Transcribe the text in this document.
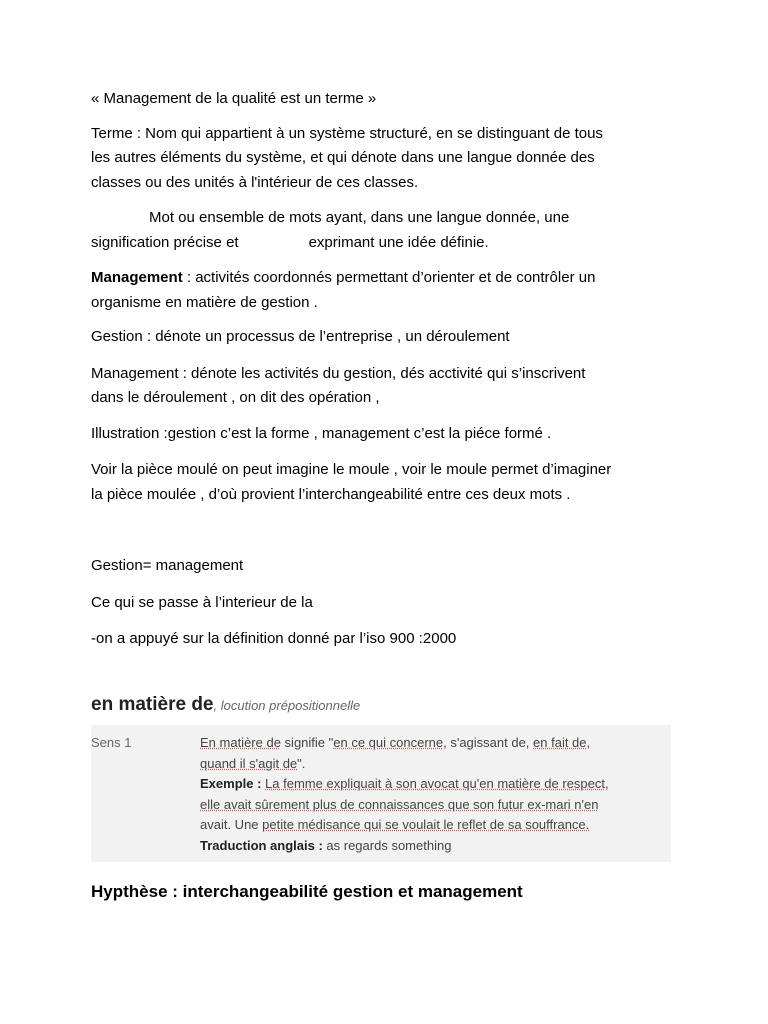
« Management de la qualité est un terme »

Terme : Nom qui appartient à un système structuré, en se distinguant de tous

les autres éléments du système, et qui dénote dans une langue donnée des

classes ou des unités à l'intérieur de ces classes.

Mot ou ensemble de mots ayant, dans une langue donnée, une

signification précise et	exprimant une idée définie.

Management : activités coordonnés permettant d’orienter et de contrôler un

organisme en matière de gestion .

Gestion : dénote un processus de l’entreprise , un déroulement

Management : dénote les activités du gestion, dés acctivité qui s’inscrivent

dans le déroulement , on dit des opération ,

Illustration :gestion c’est la forme , management c’est la piéce formé .

Voir la pièce moulé on peut imagine le moule , voir le moule permet d’imaginer

la pièce moulée , d’où provient l’interchangeabilité entre ces deux mots .

Gestion= management

Ce qui se passe à l’interieur de la

-on a appuyé sur la définition donné par l’iso 900 :2000

en matière de, locution prépositionnelle
Sens 1	En matière de signifie "en ce qui concerne, s'agissant de, en fait de,
quand il s'agit de".
Exemple : La femme expliquait à son avocat qu'en matière de respect,
elle avait sûrement plus de connaissances que son futur ex-mari n'en
avait. Une petite médisance qui se voulait le reflet de sa souffrance.
Traduction anglais : as regards something
Hypthèse : interchangeabilité gestion et management
